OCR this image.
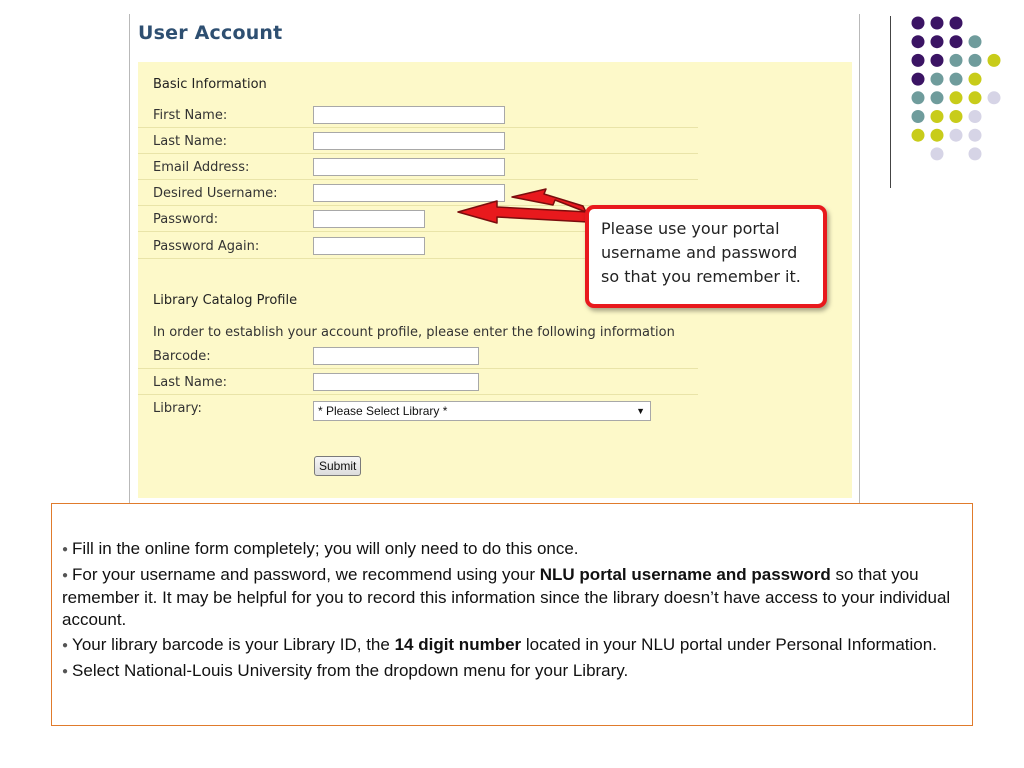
User Account
Basic Information
First Name:
Last Name:
Email Address:
Desired Username:
Password:
Password Again:
Library Catalog Profile
In order to establish your account profile, please enter the following information
Barcode:
Last Name:
Library:	* Please Select Library *	▼
Submit
Please use your portal
username and password
so that you remember it.
● Fill in the online form completely; you will only need to do this once.
● For your username and password, we recommend using your NLU portal username and password so that you remember it. It may be helpful for you to record this information since the library doesn’t have access to your individual account.
● Your library barcode is your Library ID, the 14 digit number located in your NLU portal under Personal Information.
● Select National-Louis University from the dropdown menu for your Library.
